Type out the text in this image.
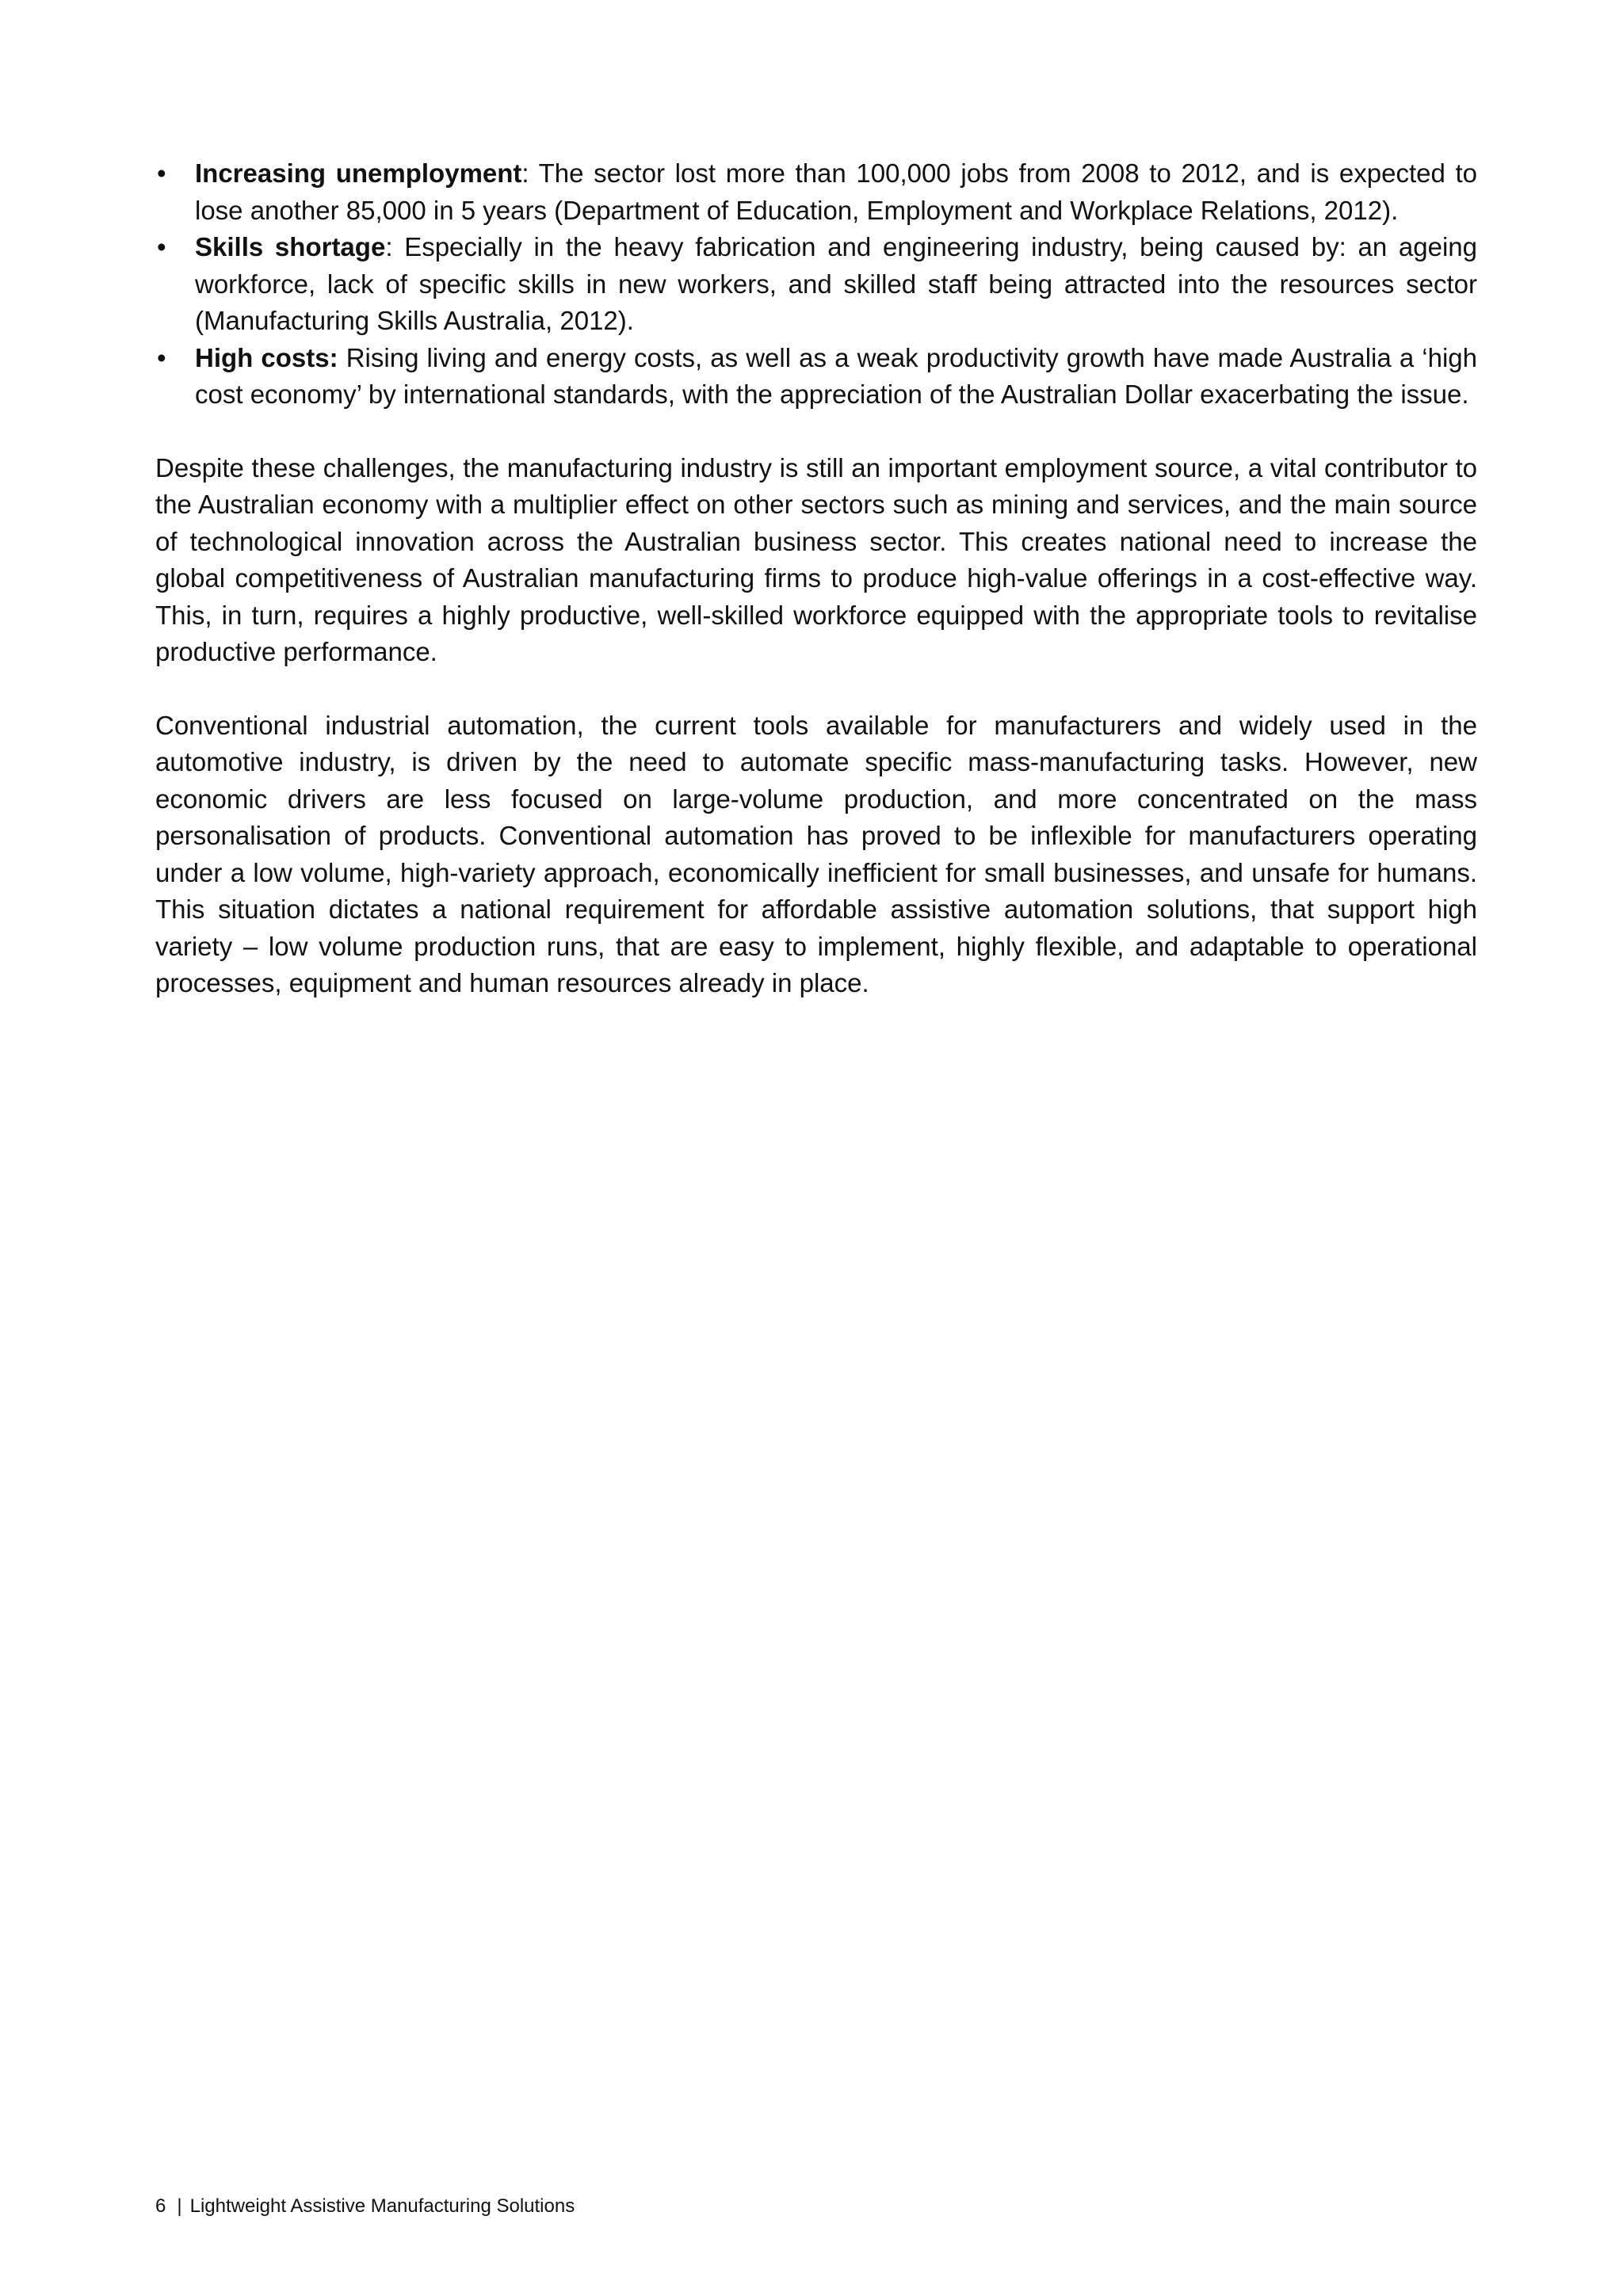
• Increasing unemployment: The sector lost more than 100,000 jobs from 2008 to 2012, and is expected to lose another 85,000 in 5 years (Department of Education, Employment and Workplace Relations, 2012).
• Skills shortage: Especially in the heavy fabrication and engineering industry, being caused by: an ageing workforce, lack of specific skills in new workers, and skilled staff being attracted into the resources sector (Manufacturing Skills Australia, 2012).
• High costs: Rising living and energy costs, as well as a weak productivity growth have made Australia a ‘high cost economy’ by international standards, with the appreciation of the Australian Dollar exacerbating the issue.

Despite these challenges, the manufacturing industry is still an important employment source, a vital contributor to the Australian economy with a multiplier effect on other sectors such as mining and services, and the main source of technological innovation across the Australian business sector. This creates national need to increase the global competitiveness of Australian manufacturing firms to produce high-value offerings in a cost-effective way. This, in turn, requires a highly productive, well-skilled workforce equipped with the appropriate tools to revitalise productive performance.

Conventional industrial automation, the current tools available for manufacturers and widely used in the automotive industry, is driven by the need to automate specific mass-manufacturing tasks. However, new economic drivers are less focused on large-volume production, and more concentrated on the mass personalisation of products. Conventional automation has proved to be inflexible for manufacturers operating under a low volume, high-variety approach, economically inefficient for small businesses, and unsafe for humans. This situation dictates a national requirement for affordable assistive automation solutions, that support high variety – low volume production runs, that are easy to implement, highly flexible, and adaptable to operational processes, equipment and human resources already in place.

6 | Lightweight Assistive Manufacturing Solutions
